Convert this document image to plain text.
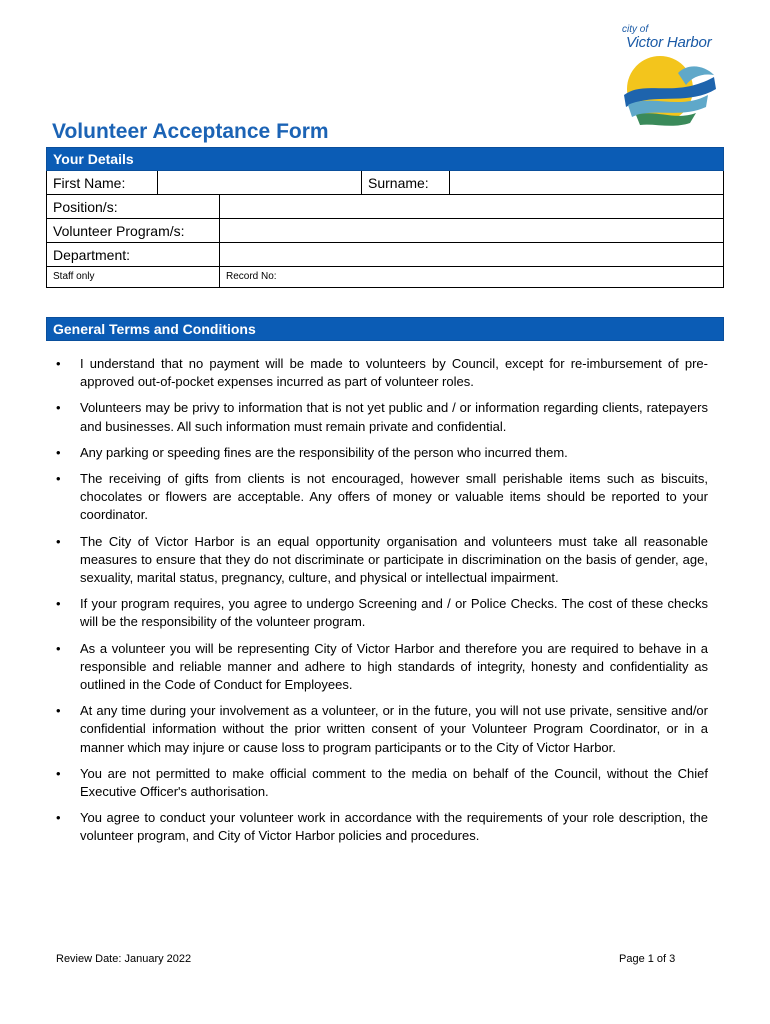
city of
Victor Harbor
Volunteer Acceptance Form
Your Details
First Name:	Surname:
Position/s:
Volunteer Program/s:
Department:
Staff only	Record No:
General Terms and Conditions
• I understand that no payment will be made to volunteers by Council, except for re-imbursement of pre-approved out-of-pocket expenses incurred as part of volunteer roles.
• Volunteers may be privy to information that is not yet public and / or information regarding clients, ratepayers and businesses. All such information must remain private and confidential.
• Any parking or speeding fines are the responsibility of the person who incurred them.
• The receiving of gifts from clients is not encouraged, however small perishable items such as biscuits, chocolates or flowers are acceptable. Any offers of money or valuable items should be reported to your coordinator.
• The City of Victor Harbor is an equal opportunity organisation and volunteers must take all reasonable measures to ensure that they do not discriminate or participate in discrimination on the basis of gender, age, sexuality, marital status, pregnancy, culture, and physical or intellectual impairment.
• If your program requires, you agree to undergo Screening and / or Police Checks. The cost of these checks will be the responsibility of the volunteer program.
• As a volunteer you will be representing City of Victor Harbor and therefore you are required to behave in a responsible and reliable manner and adhere to high standards of integrity, honesty and confidentiality as outlined in the Code of Conduct for Employees.
• At any time during your involvement as a volunteer, or in the future, you will not use private, sensitive and/or confidential information without the prior written consent of your Volunteer Program Coordinator, or in a manner which may injure or cause loss to program participants or to the City of Victor Harbor.
• You are not permitted to make official comment to the media on behalf of the Council, without the Chief Executive Officer's authorisation.
• You agree to conduct your volunteer work in accordance with the requirements of your role description, the volunteer program, and City of Victor Harbor policies and procedures.
Review Date: January 2022	Page 1 of 3
